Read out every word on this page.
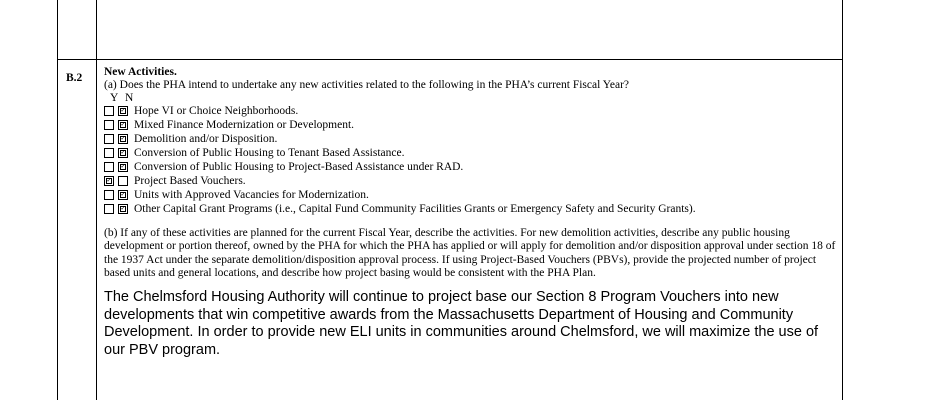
B.2 New Activities.
(a) Does the PHA intend to undertake any new activities related to the following in the PHA’s current Fiscal Year?
Y N
✓ Hope VI or Choice Neighborhoods.
✓ Mixed Finance Modernization or Development.
✓ Demolition and/or Disposition.
✓ Conversion of Public Housing to Tenant Based Assistance.
✓ Conversion of Public Housing to Project-Based Assistance under RAD.
✓ Project Based Vouchers.
✓ Units with Approved Vacancies for Modernization.
✓ Other Capital Grant Programs (i.e., Capital Fund Community Facilities Grants or Emergency Safety and Security Grants).
(b) If any of these activities are planned for the current Fiscal Year, describe the activities. For new demolition activities, describe any public housing development or portion thereof, owned by the PHA for which the PHA has applied or will apply for demolition and/or disposition approval under section 18 of the 1937 Act under the separate demolition/disposition approval process. If using Project-Based Vouchers (PBVs), provide the projected number of project based units and general locations, and describe how project basing would be consistent with the PHA Plan.
The Chelmsford Housing Authority will continue to project base our Section 8 Program Vouchers into new developments that win competitive awards from the Massachusetts Department of Housing and Community Development. In order to provide new ELI units in communities around Chelmsford, we will maximize the use of our PBV program.
